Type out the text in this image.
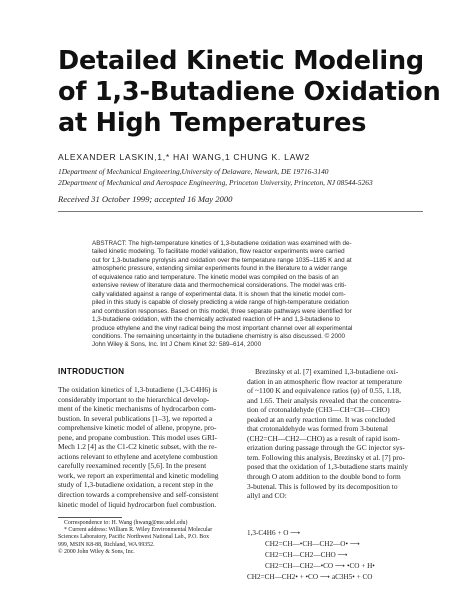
Detailed Kinetic Modeling
of 1,3-Butadiene Oxidation
at High Temperatures
ALEXANDER LASKIN,1,* HAI WANG,1 CHUNG K. LAW2
1Department of Mechanical Engineering,University of Delaware, Newark, DE 19716-3140
2Department of Mechanical and Aerospace Engineering, Princeton University, Princeton, NJ 08544-5263
Received 31 October 1999; accepted 16 May 2000
ABSTRACT: The high-temperature kinetics of 1,3-butadiene oxidation was examined with de-
tailed kinetic modeling. To facilitate model validation, flow reactor experiments were carried
out for 1,3-butadiene pyrolysis and oxidation over the temperature range 1035–1185 K and at
atmospheric pressure, extending similar experiments found in the literature to a wider range
of equivalence ratio and temperature. The kinetic model was compiled on the basis of an
extensive review of literature data and thermochemical considerations. The model was criti-
cally validated against a range of experimental data. It is shown that the kinetic model com-
piled in this study is capable of closely predicting a wide range of high-temperature oxidation
and combustion responses. Based on this model, three separate pathways were identified for
1,3-butadiene oxidation, with the chemically activated reaction of H• and 1,3-butadiene to
produce ethylene and the vinyl radical being the most important channel over all experimental
conditions. The remaining uncertainty in the butadiene chemistry is also discussed. © 2000
John Wiley & Sons, Inc. Int J Chem Kinet 32: 589–614, 2000
INTRODUCTION
The oxidation kinetics of 1,3-butadiene (1,3-C4H6) is
considerably important to the hierarchical develop-
ment of the kinetic mechanisms of hydrocarbon com-
bustion. In several publications [1–3], we reported a
comprehensive kinetic model of allene, propyne, pro-
pene, and propane combustion. This model uses GRI-
Mech 1.2 [4] as the C1-C2 kinetic subset, with the re-
actions relevant to ethylene and acetylene combustion
carefully reexamined recently [5,6]. In the present
work, we report an experimental and kinetic modeling
study of 1,3-butadiene oxidation, a recent step in the
direction towards a comprehensive and self-consistent
kinetic model of liquid hydrocarbon fuel combustion.
Brezinsky et al. [7] examined 1,3-butadiene oxi-
dation in an atmospheric flow reactor at temperature
of ~1100 K and equivalence ratios (φ) of 0.55, 1.18,
and 1.65. Their analysis revealed that the concentra-
tion of crotonaldehyde (CH3—CH=CH—CHO)
peaked at an early reaction time. It was concluded
that crotonaldehyde was formed from 3-butenal
(CH2=CH—CH2—CHO) as a result of rapid isom-
erization during passage through the GC injector sys-
tem. Following this analysis, Brezinsky et al. [7] pro-
posed that the oxidation of 1,3-butadiene starts mainly
through O atom addition to the double bond to form
3-butenal. This is followed by its decomposition to
allyl and CO:
1,3-C4H6 + O ⟶
CH2=CH—•CH—CH2—O• ⟶
CH2=CH—CH2—CHO ⟶
CH2=CH—CH2—•CO ⟶ •CO + H•
CH2=CH—CH2• + •CO ⟶ aC3H5• + CO
Correspondence to: H. Wang (hwang@me.udel.edu)
* Current address: William R. Wiley Environmental Molecular
Sciences Laboratory, Pacific Northwest National Lab., P.O. Box
999, MSIN K8-88, Richland, WA 99352.
© 2000 John Wiley & Sons, Inc.
